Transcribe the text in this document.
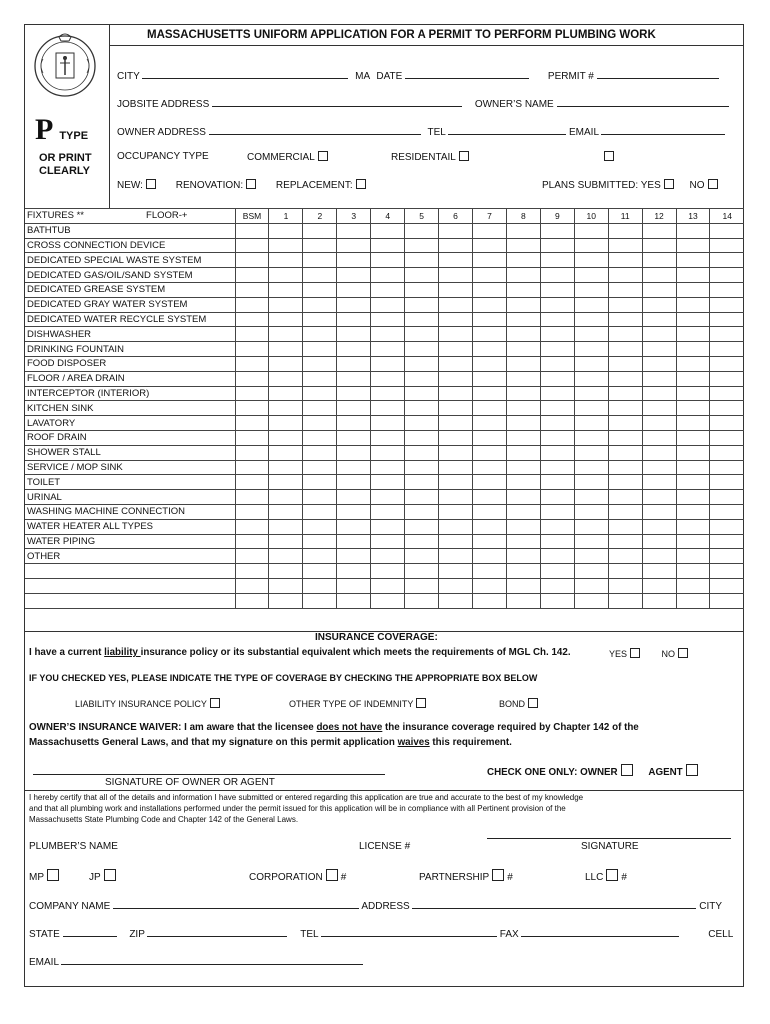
MASSACHUSETTS UNIFORM APPLICATION FOR A PERMIT TO PERFORM PLUMBING WORK
PTYPE
OR PRINT
CLEARLY
CITY	MA DATE	PERMIT #
JOBSITE ADDRESS	OWNER’S NAME
OWNER ADDRESS	TEL	EMAIL
OCCUPANCY TYPE	COMMERCIAL	RESIDENTAIL
NEW:	RENOVATION:	REPLACEMENT:	PLANS SUBMITTED: YES	NO
FIXTURES ** FLOOR-+	BSM	1	2	3	4	5	6	7	8	9	10	11	12	13	14
BATHTUB															
CROSS CONNECTION DEVICE															
DEDICATED SPECIAL WASTE SYSTEM															
DEDICATED GAS/OIL/SAND SYSTEM															
DEDICATED GREASE SYSTEM															
DEDICATED GRAY WATER SYSTEM															
DEDICATED WATER RECYCLE SYSTEM															
DISHWASHER															
DRINKING FOUNTAIN															
FOOD DISPOSER															
FLOOR / AREA DRAIN															
INTERCEPTOR (INTERIOR)															
KITCHEN SINK															
LAVATORY															
ROOF DRAIN															
SHOWER STALL															
SERVICE / MOP SINK															
TOILET															
URINAL															
WASHING MACHINE CONNECTION															
WATER HEATER ALL TYPES															
WATER PIPING															
OTHER															

INSURANCE COVERAGE:
I have a current liability insurance policy or its substantial equivalent which meets the requirements of MGL Ch. 142.	YES	NO
IF YOU CHECKED YES, PLEASE INDICATE THE TYPE OF COVERAGE BY CHECKING THE APPROPRIATE BOX BELOW
LIABILITY INSURANCE POLICY	OTHER TYPE OF INDEMNITY	BOND
OWNER’S INSURANCE WAIVER: I am aware that the licensee does not have the insurance coverage required by Chapter 142 of the
Massachusetts General Laws, and that my signature on this permit application waives this requirement.
CHECK ONE ONLY: OWNER	AGENT
SIGNATURE OF OWNER OR AGENT
I hereby certify that all of the details and information I have submitted or entered regarding this application are true and accurate to the best of my knowledge
and that all plumbing work and installations performed under the permit issued for this application will be in compliance with all Pertinent provision of the
Massachusetts State Plumbing Code and Chapter 142 of the General Laws.
PLUMBER’S NAME	LICENSE #	SIGNATURE
MP	JP	CORPORATION #	PARTNERSHIP #	LLC #
COMPANY NAME	ADDRESS	CITY
STATE	ZIP	TEL	FAX	CELL
EMAIL
